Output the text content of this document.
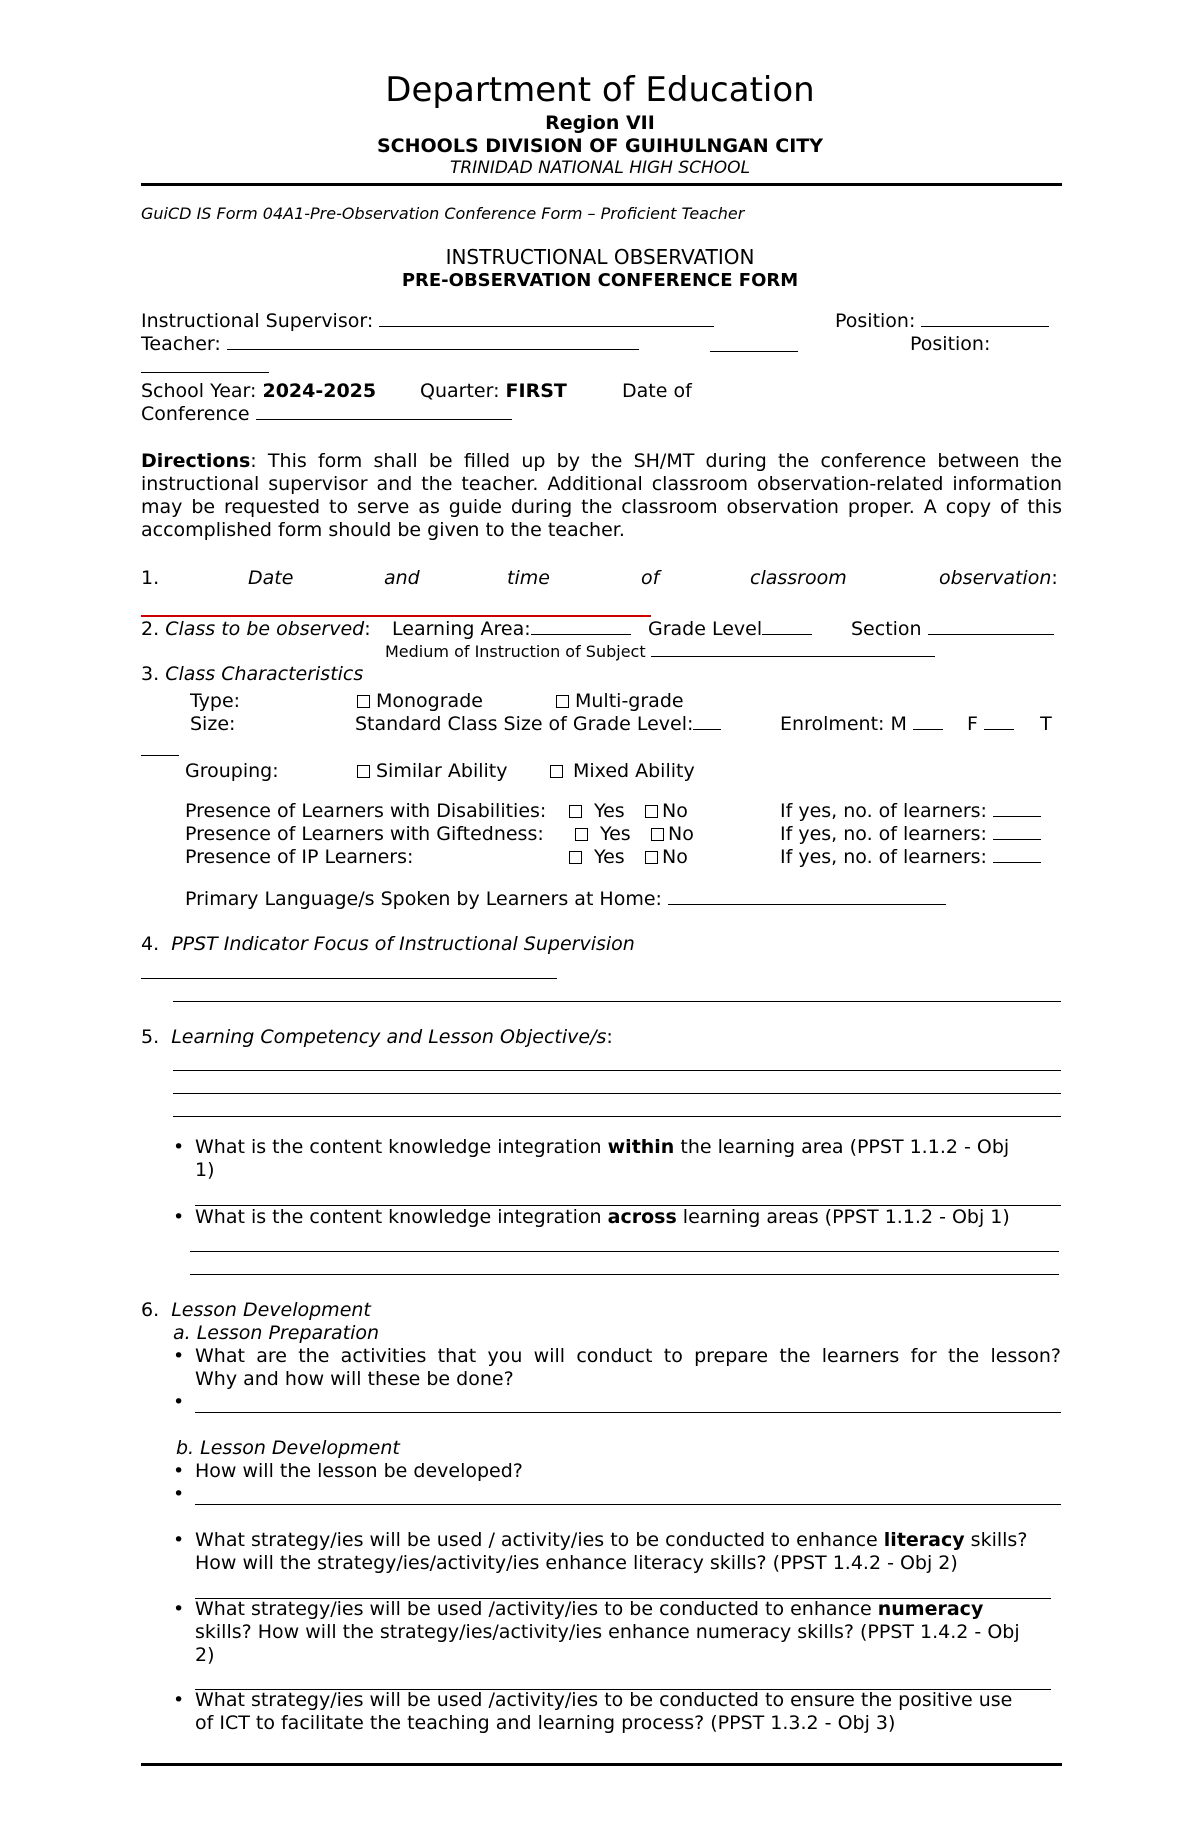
Department of Education
Region VII
SCHOOLS DIVISION OF GUIHULNGAN CITY
TRINIDAD NATIONAL HIGH SCHOOL
GuiCD IS Form 04A1-Pre-Observation Conference Form – Proficient Teacher
INSTRUCTIONAL OBSERVATION
PRE-OBSERVATION CONFERENCE FORM
Instructional Supervisor:	Position:
Teacher:	Position:
School Year: 2024-2025 Quarter: FIRST	Date of
Conference
Directions: This form shall be filled up by the SH/MT during the conference between the instructional supervisor and the teacher. Additional classroom observation-related information may be requested to serve as guide during the classroom observation proper. A copy of this accomplished form should be given to the teacher.
1.	Date	and	time	of	classroom	observation:
2. Class to be observed: Learning Area:	Grade Level	Section
Medium of Instruction of Subject
3. Class Characteristics
Type:	Monograde	Multi-grade
Size:	Standard Class Size of Grade Level:	Enrolment: M	F	T
Grouping:	Similar Ability	Mixed Ability
Presence of Learners with Disabilities:	Yes	No	If yes, no. of learners:
Presence of Learners with Giftedness:	Yes	No	If yes, no. of learners:
Presence of IP Learners:	Yes	No	If yes, no. of learners:
Primary Language/s Spoken by Learners at Home:
4. PPST Indicator Focus of Instructional Supervision
5. Learning Competency and Lesson Objective/s:
• What is the content knowledge integration within the learning area (PPST 1.1.2 - Obj
1)
• What is the content knowledge integration across learning areas (PPST 1.1.2 - Obj 1)
6. Lesson Development
a. Lesson Preparation
• What are the activities that you will conduct to prepare the learners for the lesson?
Why and how will these be done?
•
b. Lesson Development
• How will the lesson be developed?
•
• What strategy/ies will be used / activity/ies to be conducted to enhance literacy skills?
How will the strategy/ies/activity/ies enhance literacy skills? (PPST 1.4.2 - Obj 2)
• What strategy/ies will be used /activity/ies to be conducted to enhance numeracy
skills? How will the strategy/ies/activity/ies enhance numeracy skills? (PPST 1.4.2 - Obj
2)
• What strategy/ies will be used /activity/ies to be conducted to ensure the positive use
of ICT to facilitate the teaching and learning process? (PPST 1.3.2 - Obj 3)
